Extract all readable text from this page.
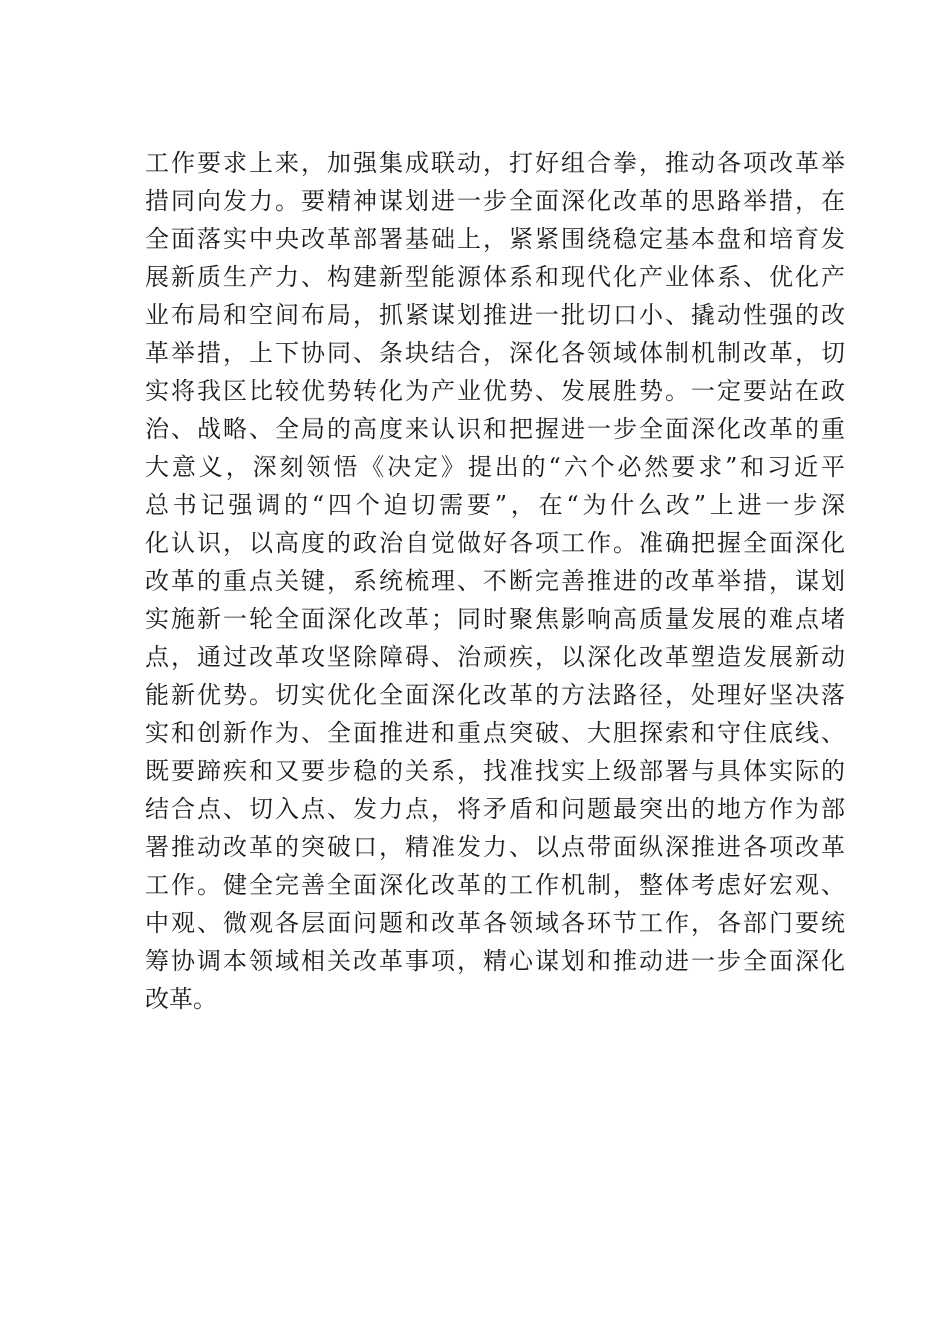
工作要求上来，加强集成联动，打好组合拳，推动各项改革举
措同向发力。要精神谋划进一步全面深化改革的思路举措，在
全面落实中央改革部署基础上，紧紧围绕稳定基本盘和培育发
展新质生产力、构建新型能源体系和现代化产业体系、优化产
业布局和空间布局，抓紧谋划推进一批切口小、撬动性强的改
革举措，上下协同、条块结合，深化各领域体制机制改革，切
实将我区比较优势转化为产业优势、发展胜势。一定要站在政
治、战略、全局的高度来认识和把握进一步全面深化改革的重
大意义，深刻领悟《决定》提出的“六个必然要求”和习近平
总书记强调的“四个迫切需要”，在“为什么改”上进一步深
化认识，以高度的政治自觉做好各项工作。准确把握全面深化
改革的重点关键，系统梳理、不断完善推进的改革举措，谋划
实施新一轮全面深化改革；同时聚焦影响高质量发展的难点堵
点，通过改革攻坚除障碍、治顽疾，以深化改革塑造发展新动
能新优势。切实优化全面深化改革的方法路径，处理好坚决落
实和创新作为、全面推进和重点突破、大胆探索和守住底线、
既要蹄疾和又要步稳的关系，找准找实上级部署与具体实际的
结合点、切入点、发力点，将矛盾和问题最突出的地方作为部
署推动改革的突破口，精准发力、以点带面纵深推进各项改革
工作。健全完善全面深化改革的工作机制，整体考虑好宏观、
中观、微观各层面问题和改革各领域各环节工作，各部门要统
筹协调本领域相关改革事项，精心谋划和推动进一步全面深化
改革。
